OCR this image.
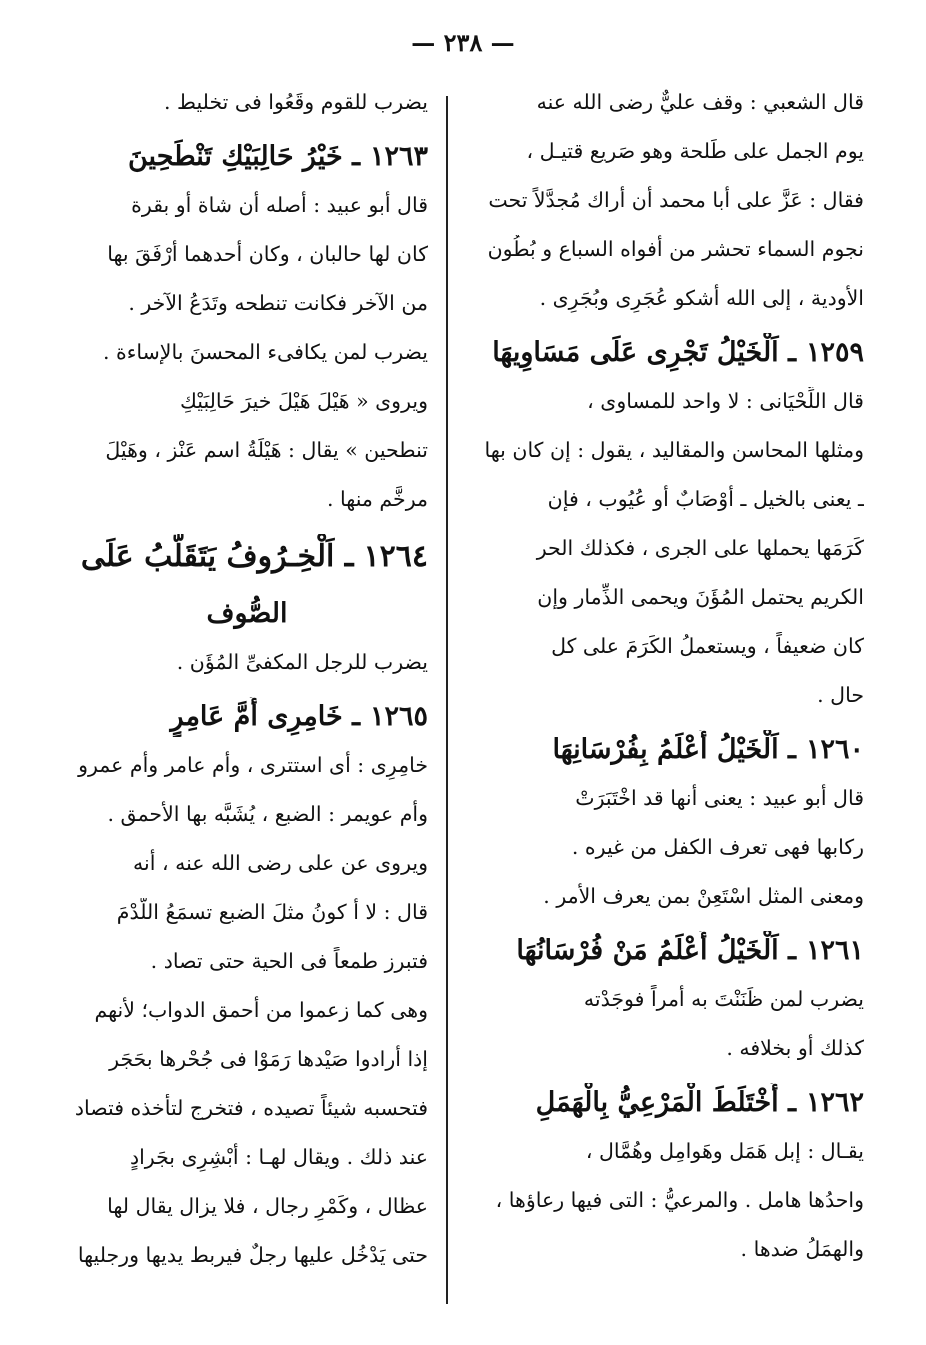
— ٢٣٨ —
قال الشعبي : وقف عليٌّ رضى الله عنه
يوم الجمل على طَلحة وهو صَريع قتيـل ،
فقال : عَزَّ على أبا محمد أن أراك مُجدَّلاً تحت
نجوم السماء تحشر من أفواه السباع و بُطُون
الأودية ، إلى الله أشكو عُجَرِى وبُجَرِى .
١٢٥٩ـ اَلْخَيْلُ تَجْرِى عَلَى مَسَاوِيهَا
قال اللِّحْيَانى : لا واحد للمساوى ،
ومثلها المحاسن والمقاليد ، يقول : إن كان بها
ـ يعنى بالخيل ـ أوْصَابٌ أو عُيُوب ، فإن
كَرَمَها يحملها على الجرى ، فكذلك الحر
الكريم يحتمل المُؤَنَ ويحمى الذِّمار وإن
كان ضعيفاً ، ويستعملُ الكَرَمَ على كل
حال .
١٢٦٠ـ اَلْخَيْلُ أَعْلَمُ بِفُرْسَانِهَا
قال أبو عبيد : يعنى أنها قد اخْتَبَرَتْ
ركابها فهى تعرف الكفل من غيره .
ومعنى المثل اسْتَعِنْ بمن يعرف الأمر .
١٢٦١ـ اَلْخَيْلُ أَعْلَمُ مَنْ فُرْسَانُهَا
يضرب لمن ظَنَنْتَ به أمراً فوجَدْته
كذلك أو بخلافه .
١٢٦٢ـ أُخْتَلَطَ الْمَرْعِيُّ بِالْهَمَلِ
يقـال : إبل هَمَل وهَوامِل وهُمَّال ،
واحدُها هامل . والمرعيُّ : التى فيها رعاؤها ،
والهمَلُ ضدها .
يضرب للقوم وقَعُوا فى تخليط .
١٢٦٣ـ خَيْرُ حَالِبَيْكِ تَنْطَحِينَ
قال أبو عبيد : أصله أن شاة أو بقرة
كان لها حالبان ، وكان أحدهما أرْفَقَ بها
من الآخر فكانت تنطحه وتَدَعُ الآخر .
يضرب لمن يكافىء المحسنَ بالإساءة .
ويروى « هَيْلَ هَيْلَ خيرَ حَالِبَيْكِ
تنطحين » يقال : هَيْلَةُ اسم عَنْز ، وهَيْلَ
مرخَّم منها .
١٢٦٤ـ اَلْخِـرُوفُ يَتَقَلَّبُ عَلَى
الصُّوف
يضرب للرجل المكفىِّ المُؤَن .
١٢٦٥ـ خَامِرِى أُمَّ عَامِرٍ
خامِرِى : أى استترى ، وأم عامر وأم عمرو
وأم عويمر : الضبع ، يُشَبَّه بها الأحمق .
ويروى عن على رضى الله عنه ، أنه
قال : لا أ كونُ مثلَ الضبع تسمَعُ اللَّدْمَ
فتبرز طمعاً فى الحية حتى تصاد .
وهى كما زعموا من أحمق الدواب؛ لأنهم
إذا أرادوا صَيْدها رَمَوْا فى جُحْرها بحَجَر
فتحسبه شيئاً تصيده ، فتخرج لتأخذه فتصاد
عند ذلك . ويقال لهـا : أبْشِرِى بجَرادٍ
عظال ، وكَمْرِ رجال ، فلا يزال يقال لها
حتى يَدْخُل عليها رجلٌ فيربط يديها ورجليها
